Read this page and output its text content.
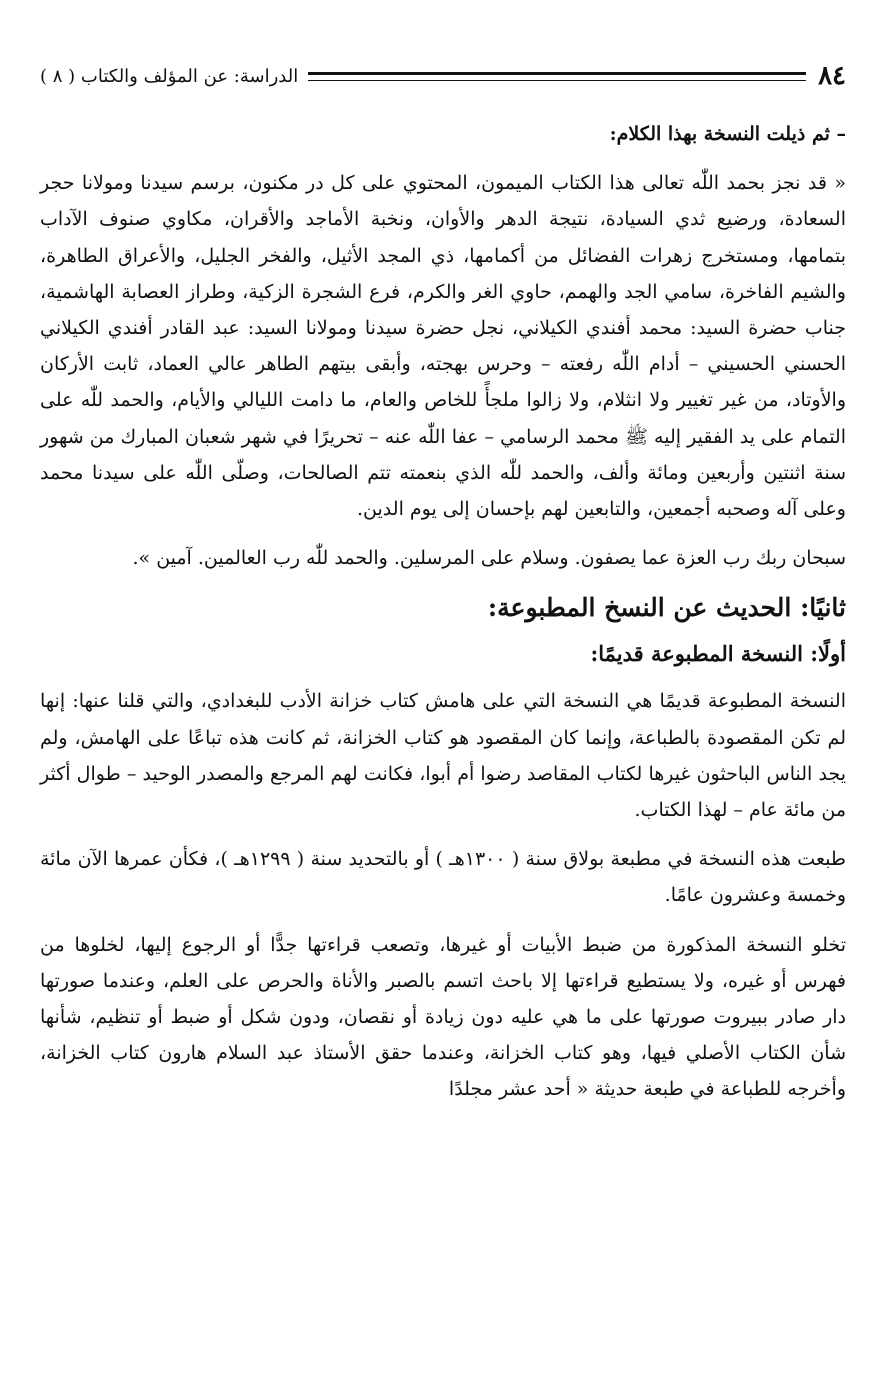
٨٤
الدراسة: عن المؤلف والكتاب ( ٨ )

– ثم ذيلت النسخة بهذا الكلام:

« قد نجز بحمد اللّٰه تعالى هذا الكتاب الميمون، المحتوي على كل در مكنون، برسم سيدنا ومولانا حجر السعادة، ورضيع ثدي السيادة، نتيجة الدهر والأوان، ونخبة الأماجد والأقران، مكاوي صنوف الآداب بتمامها، ومستخرج زهرات الفضائل من أكمامها، ذي المجد الأثيل، والفخر الجليل، والأعراق الطاهرة، والشيم الفاخرة، سامي الجد والهمم، حاوي الغر والكرم، فرع الشجرة الزكية، وطراز العصابة الهاشمية، جناب حضرة السيد: محمد أفندي الكيلاني، نجل حضرة سيدنا ومولانا السيد: عبد القادر أفندي الكيلاني الحسني الحسيني – أدام اللّٰه رفعته – وحرس بهجته، وأبقى بيتهم الطاهر عالي العماد، ثابت الأركان والأوتاد، من غير تغيير ولا انثلام، ولا زالوا ملجأً للخاص والعام، ما دامت الليالي والأيام، والحمد للّٰه على التمام على يد الفقير إليه ﷺ محمد الرسامي – عفا اللّٰه عنه – تحريرًا في شهر شعبان المبارك من شهور سنة اثنتين وأربعين ومائة وألف، والحمد للّٰه الذي بنعمته تتم الصالحات، وصلّى اللّٰه على سيدنا محمد وعلى آله وصحبه أجمعين، والتابعين لهم بإحسان إلى يوم الدين.

سبحان ربك رب العزة عما يصفون. وسلام على المرسلين. والحمد للّٰه رب العالمين. آمين ».

ثانيًا: الحديث عن النسخ المطبوعة:
أولًا: النسخة المطبوعة قديمًا:

النسخة المطبوعة قديمًا هي النسخة التي على هامش كتاب خزانة الأدب للبغدادي، والتي قلنا عنها: إنها لم تكن المقصودة بالطباعة، وإنما كان المقصود هو كتاب الخزانة، ثم كانت هذه تباعًا على الهامش، ولم يجد الناس الباحثون غيرها لكتاب المقاصد رضوا أم أبوا، فكانت لهم المرجع والمصدر الوحيد – طوال أكثر من مائة عام – لهذا الكتاب.

طبعت هذه النسخة في مطبعة بولاق سنة ( ١٣٠٠هـ ) أو بالتحديد سنة ( ١٢٩٩هـ )، فكأن عمرها الآن مائة وخمسة وعشرون عامًا.

تخلو النسخة المذكورة من ضبط الأبيات أو غيرها، وتصعب قراءتها جدًّا أو الرجوع إليها، لخلوها من فهرس أو غيره، ولا يستطيع قراءتها إلا باحث اتسم بالصبر والأناة والحرص على العلم، وعندما صورتها دار صادر ببيروت صورتها على ما هي عليه دون زيادة أو نقصان، ودون شكل أو ضبط أو تنظيم، شأنها شأن الكتاب الأصلي فيها، وهو كتاب الخزانة، وعندما حقق الأستاذ عبد السلام هارون كتاب الخزانة، وأخرجه للطباعة في طبعة حديثة « أحد عشر مجلدًا
